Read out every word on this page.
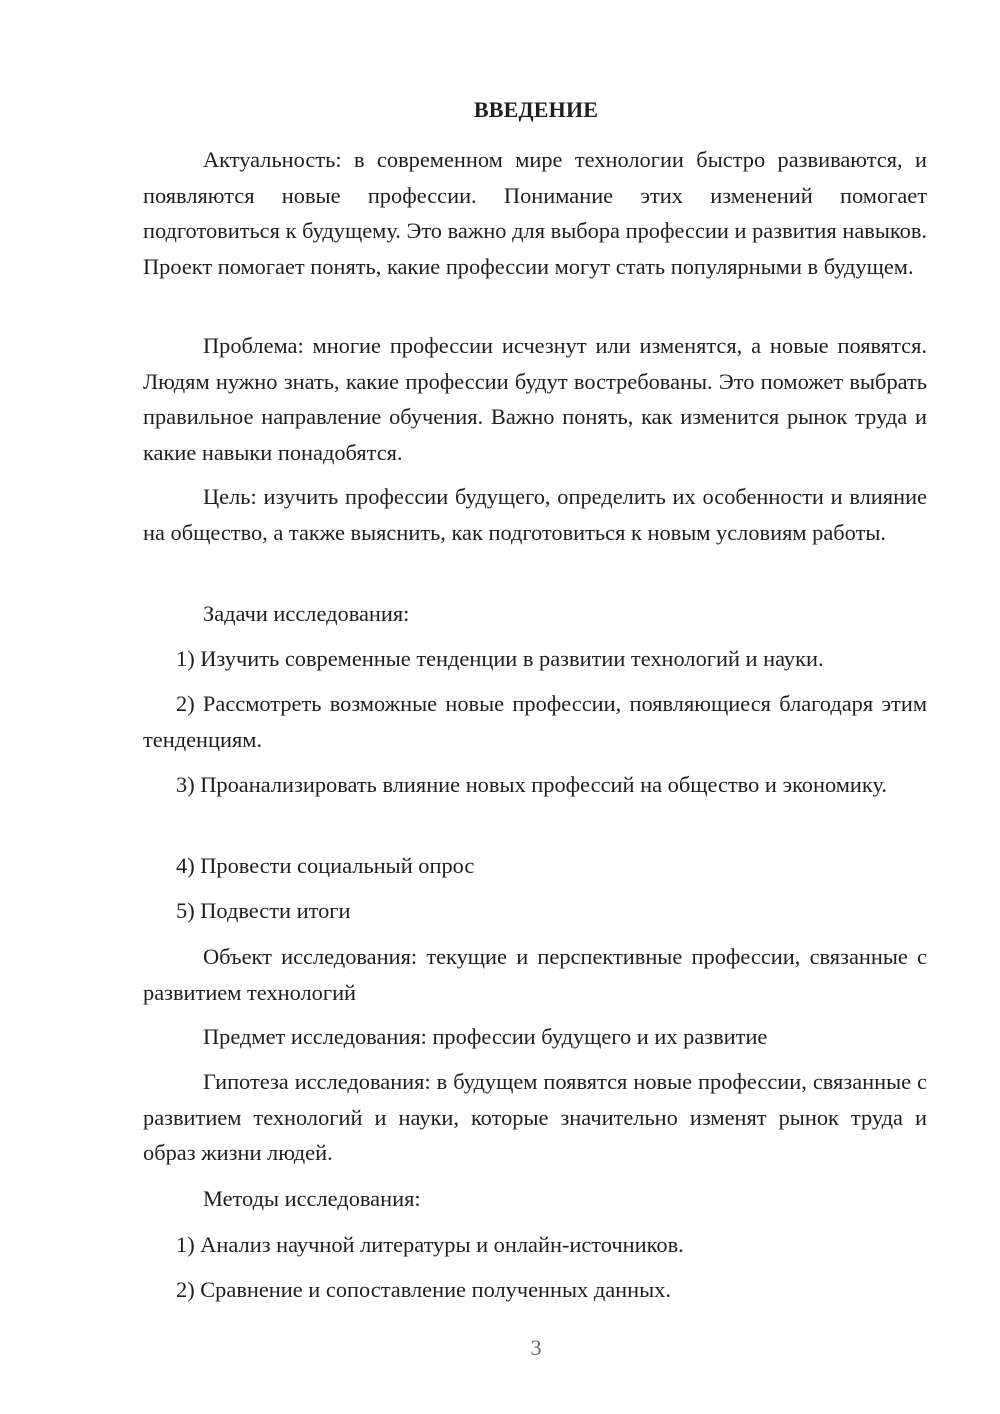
ВВЕДЕНИЕ

Актуальность: в современном мире технологии быстро развиваются, и появляются новые профессии. Понимание этих изменений помогает подготовиться к будущему. Это важно для выбора профессии и развития навыков. Проект помогает понять, какие профессии могут стать популярными в будущем.

Проблема: многие профессии исчезнут или изменятся, а новые появятся. Людям нужно знать, какие профессии будут востребованы. Это поможет выбрать правильное направление обучения. Важно понять, как изменится рынок труда и какие навыки понадобятся.

Цель: изучить профессии будущего, определить их особенности и влияние на общество, а также выяснить, как подготовиться к новым условиям работы.

Задачи исследования:

1) Изучить современные тенденции в развитии технологий и науки.

2) Рассмотреть возможные новые профессии, появляющиеся благодаря этим тенденциям.

3) Проанализировать влияние новых профессий на общество и экономику.

4) Провести социальный опрос

5) Подвести итоги

Объект исследования: текущие и перспективные профессии, связанные с развитием технологий

Предмет исследования: профессии будущего и их развитие

Гипотеза исследования: в будущем появятся новые профессии, связанные с развитием технологий и науки, которые значительно изменят рынок труда и образ жизни людей.

Методы исследования:

1) Анализ научной литературы и онлайн-источников.

2) Сравнение и сопоставление полученных данных.

3
